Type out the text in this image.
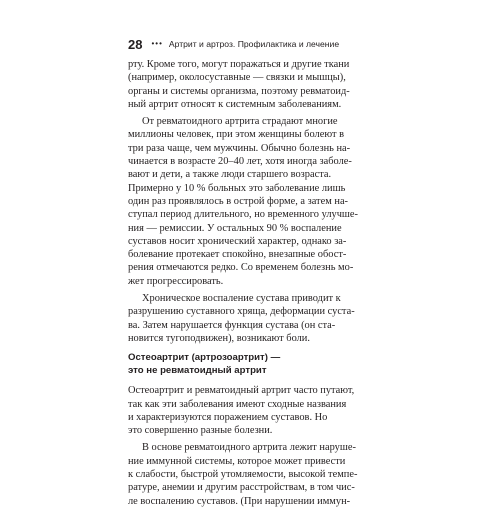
28 ••• Артрит и артроз. Профилактика и лечение
рту. Кроме того, могут поражаться и другие ткани
(например, околосуставные — связки и мышцы),
органы и системы организма, поэтому ревматоид-
ный артрит относят к системным заболеваниям.
От ревматоидного артрита страдают многие
миллионы человек, при этом женщины болеют в
три раза чаще, чем мужчины. Обычно болезнь на-
чинается в возрасте 20–40 лет, хотя иногда заболе-
вают и дети, а также люди старшего возраста.
Примерно у 10 % больных это заболевание лишь
один раз проявлялось в острой форме, а затем на-
ступал период длительного, но временного улучше-
ния — ремиссии. У остальных 90 % воспаление
суставов носит хронический характер, однако за-
болевание протекает спокойно, внезапные обост-
рения отмечаются редко. Со временем болезнь мо-
жет прогрессировать.
Хроническое воспаление сустава приводит к
разрушению суставного хряща, деформации суста-
ва. Затем нарушается функция сустава (он ста-
новится тугоподвижен), возникают боли.
Остеоартрит (артрозоартрит) —
это не ревматоидный артрит
Остеоартрит и ревматоидный артрит часто путают,
так как эти заболевания имеют сходные названия
и характеризуются поражением суставов. Но
это совершенно разные болезни.
В основе ревматоидного артрита лежит наруше-
ние иммунной системы, которое может привести
к слабости, быстрой утомляемости, высокой темпе-
ратуре, анемии и другим расстройствам, в том чис-
ле воспалению суставов. (При нарушении иммун-
